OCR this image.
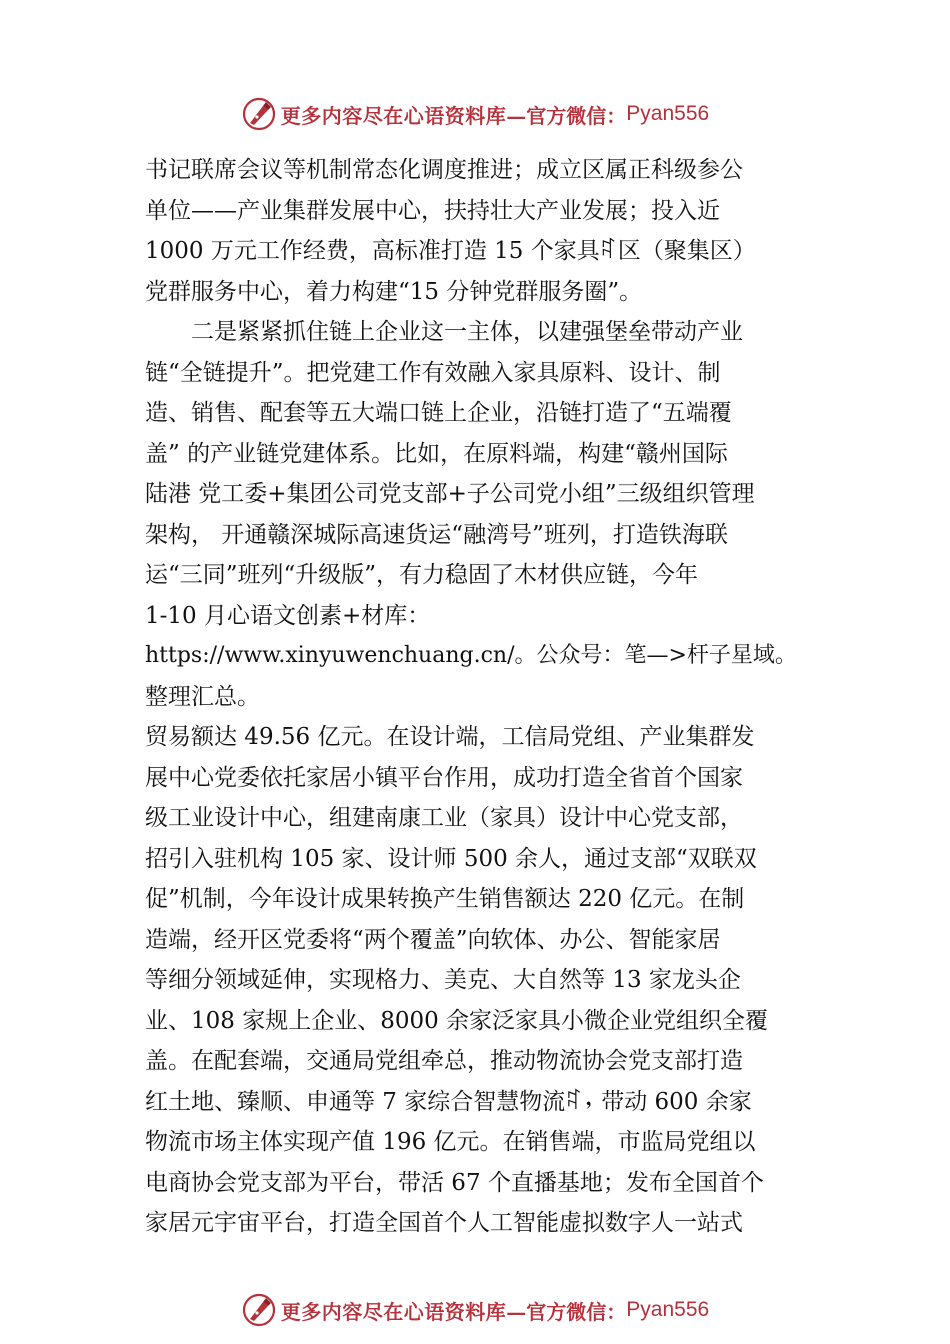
更多内容尽在心语资料库 —官方微信： Pyan556
书记联席会议等机制常态化调度推进；成立区属正科级参公
单位——产业集群发展中心，扶持壮大产业发展；投入近
1000 万元工作经费，高标准打造 15 个家具ꉜ区（聚集区）
党群服务中心，着力构建“15 分钟党群服务圈”。
二是紧紧抓住链上企业这一主体，以建强堡垒带动产业
链“全链提升”。把党建工作有效融入家具原料、设计、制
造、销售、配套等五大端口链上企业，沿链打造了“五端覆
盖” 的产业链党建体系。比如，在原料端，构建“赣州国际
陆港 党工委+集团公司党支部+子公司党小组”三级组织管理
架构， 开通赣深城际高速货运“融湾号”班列，打造铁海联
运“三同”班列“升级版”，有力稳固了木材供应链，今年
1-10 月心语文创素+材库：
https://www.xinyuwenchuang.cn/。公众号：笔—>杆子星域。
整理汇总。
贸易额达 49.56 亿元。在设计端，工信局党组、产业集群发
展中心党委依托家居小镇平台作用，成功打造全省首个国家
级工业设计中心，组建南康工业（家具）设计中心党支部，
招引入驻机构 105 家、设计师 500 余人，通过支部“双联双
促”机制，今年设计成果转换产生销售额达 220 亿元。在制
造端，经开区党委将“两个覆盖”向软体、办公、智能家居
等细分领域延伸，实现格力、美克、大自然等 13 家龙头企
业、108 家规上企业、8000 余家泛家具小微企业党组织全覆
盖。在配套端，交通局党组牵总，推动物流协会党支部打造
红土地、臻顺、申通等 7 家综合智慧物流ꉜ，带动 600 余家
物流市场主体实现产值 196 亿元。在销售端，市监局党组以
电商协会党支部为平台，带活 67 个直播基地；发布全国首个
家居元宇宙平台，打造全国首个人工智能虚拟数字人一站式
更多内容尽在心语资料库 —官方微信： Pyan556
